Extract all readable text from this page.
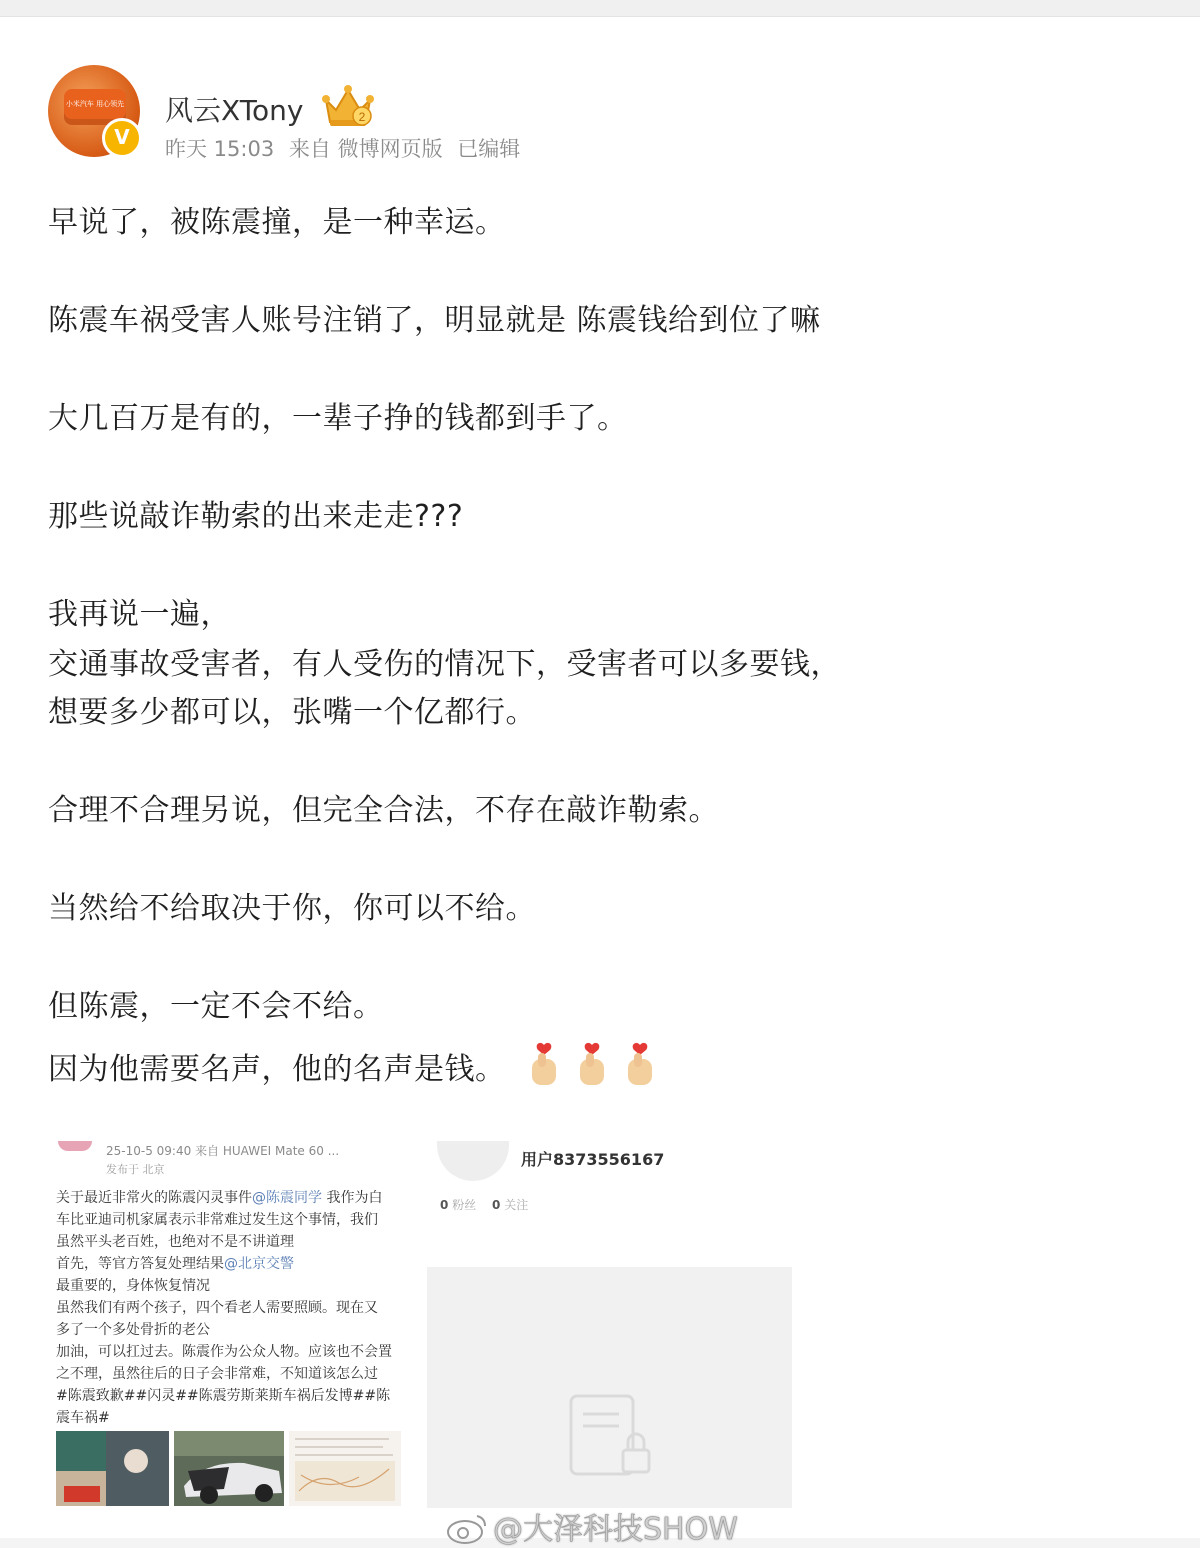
小米汽车 用心领先
V
风云XTony	2
昨天 15:03 来自 微博网页版 已编辑
早说了，被陈震撞，是一种幸运。
陈震车祸受害人账号注销了，明显就是 陈震钱给到位了嘛
大几百万是有的，一辈子挣的钱都到手了。
那些说敲诈勒索的出来走走???
我再说一遍，
交通事故受害者，有人受伤的情况下，受害者可以多要钱，
想要多少都可以，张嘴一个亿都行。
合理不合理另说，但完全合法，不存在敲诈勒索。
当然给不给取决于你，你可以不给。
但陈震，一定不会不给。
因为他需要名声，他的名声是钱。
25-10-5 09:40 来自 HUAWEI Mate 60 ...
发布于 北京
关于最近非常火的陈震闪灵事件@陈震同学 我作为白
车比亚迪司机家属表示非常难过发生这个事情，我们
虽然平头老百姓，也绝对不是不讲道理
首先，等官方答复处理结果@北京交警
最重要的，身体恢复情况
虽然我们有两个孩子，四个看老人需要照顾。现在又
多了一个多处骨折的老公
加油，可以扛过去。陈震作为公众人物。应该也不会置
之不理，虽然往后的日子会非常难，不知道该怎么过
#陈震致歉##闪灵##陈震劳斯莱斯车祸后发博##陈
震车祸#
用户8373556167
0 粉丝 0 关注
@大泽科技SHOW
